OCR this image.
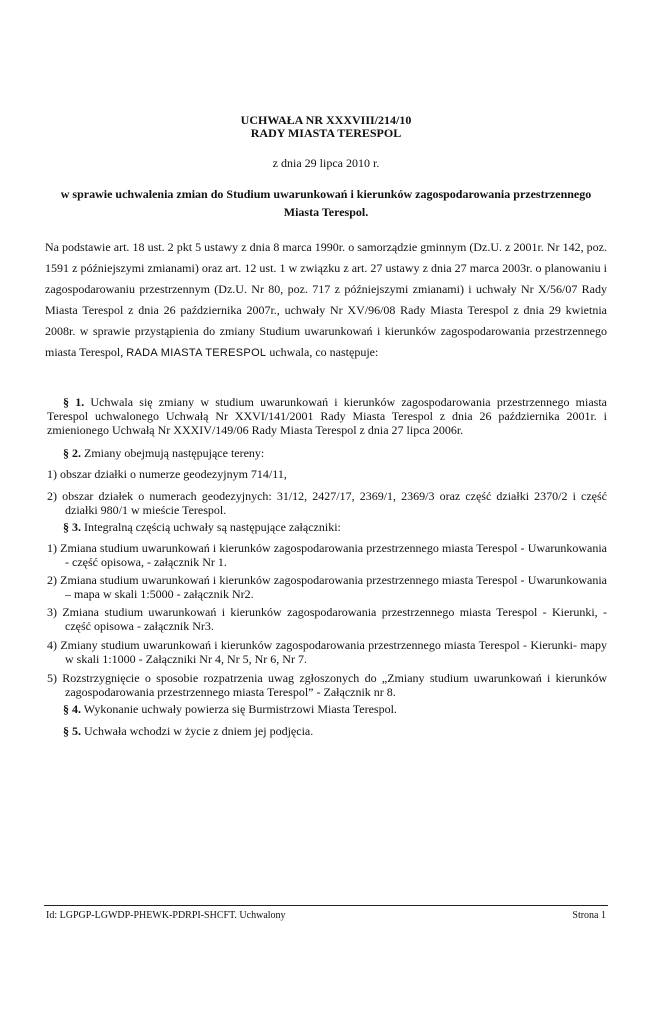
UCHWAŁA NR XXXVIII/214/10
RADY MIASTA TERESPOL
z dnia 29 lipca 2010 r.
w sprawie uchwalenia zmian do Studium uwarunkowań i kierunków zagospodarowania przestrzennego
Miasta Terespol.
Na podstawie art. 18 ust. 2 pkt 5 ustawy z dnia 8 marca 1990r. o samorządzie gminnym (Dz.U. z 2001r. Nr 142, poz. 1591 z późniejszymi zmianami) oraz art. 12 ust. 1 w związku z art. 27 ustawy z dnia 27 marca 2003r. o planowaniu i zagospodarowaniu przestrzennym (Dz.U. Nr 80, poz. 717 z późniejszymi zmianami) i uchwały Nr X/56/07 Rady Miasta Terespol z dnia 26 października 2007r., uchwały Nr XV/96/08 Rady Miasta Terespol z dnia 29 kwietnia 2008r. w sprawie przystąpienia do zmiany Studium uwarunkowań i kierunków zagospodarowania przestrzennego miasta Terespol, RADA MIASTA TERESPOL uchwala, co następuje:
§ 1. Uchwala się zmiany w studium uwarunkowań i kierunków zagospodarowania przestrzennego miasta Terespol uchwalonego Uchwałą Nr XXVI/141/2001 Rady Miasta Terespol z dnia 26 października 2001r. i zmienionego Uchwałą Nr XXXIV/149/06 Rady Miasta Terespol z dnia 27 lipca 2006r.
§ 2. Zmiany obejmują następujące tereny:
1) obszar działki o numerze geodezyjnym 714/11,
2) obszar działek o numerach geodezyjnych: 31/12, 2427/17, 2369/1, 2369/3 oraz część działki 2370/2 i część działki 980/1 w mieście Terespol.
§ 3. Integralną częścią uchwały są następujące załączniki:
1) Zmiana studium uwarunkowań i kierunków zagospodarowania przestrzennego miasta Terespol - Uwarunkowania - część opisowa, - załącznik Nr 1.
2) Zmiana studium uwarunkowań i kierunków zagospodarowania przestrzennego miasta Terespol - Uwarunkowania – mapa w skali 1:5000 - załącznik Nr2.
3) Zmiana studium uwarunkowań i kierunków zagospodarowania przestrzennego miasta Terespol - Kierunki, - część opisowa - załącznik Nr3.
4) Zmiany studium uwarunkowań i kierunków zagospodarowania przestrzennego miasta Terespol - Kierunki- mapy w skali 1:1000 - Załączniki Nr 4, Nr 5, Nr 6, Nr 7.
5) Rozstrzygnięcie o sposobie rozpatrzenia uwag zgłoszonych do „Zmiany studium uwarunkowań i kierunków zagospodarowania przestrzennego miasta Terespol” - Załącznik nr 8.
§ 4. Wykonanie uchwały powierza się Burmistrzowi Miasta Terespol.
§ 5. Uchwała wchodzi w życie z dniem jej podjęcia.
Id: LGPGP-LGWDP-PHEWK-PDRPI-SHCFT. Uchwalony	Strona 1
